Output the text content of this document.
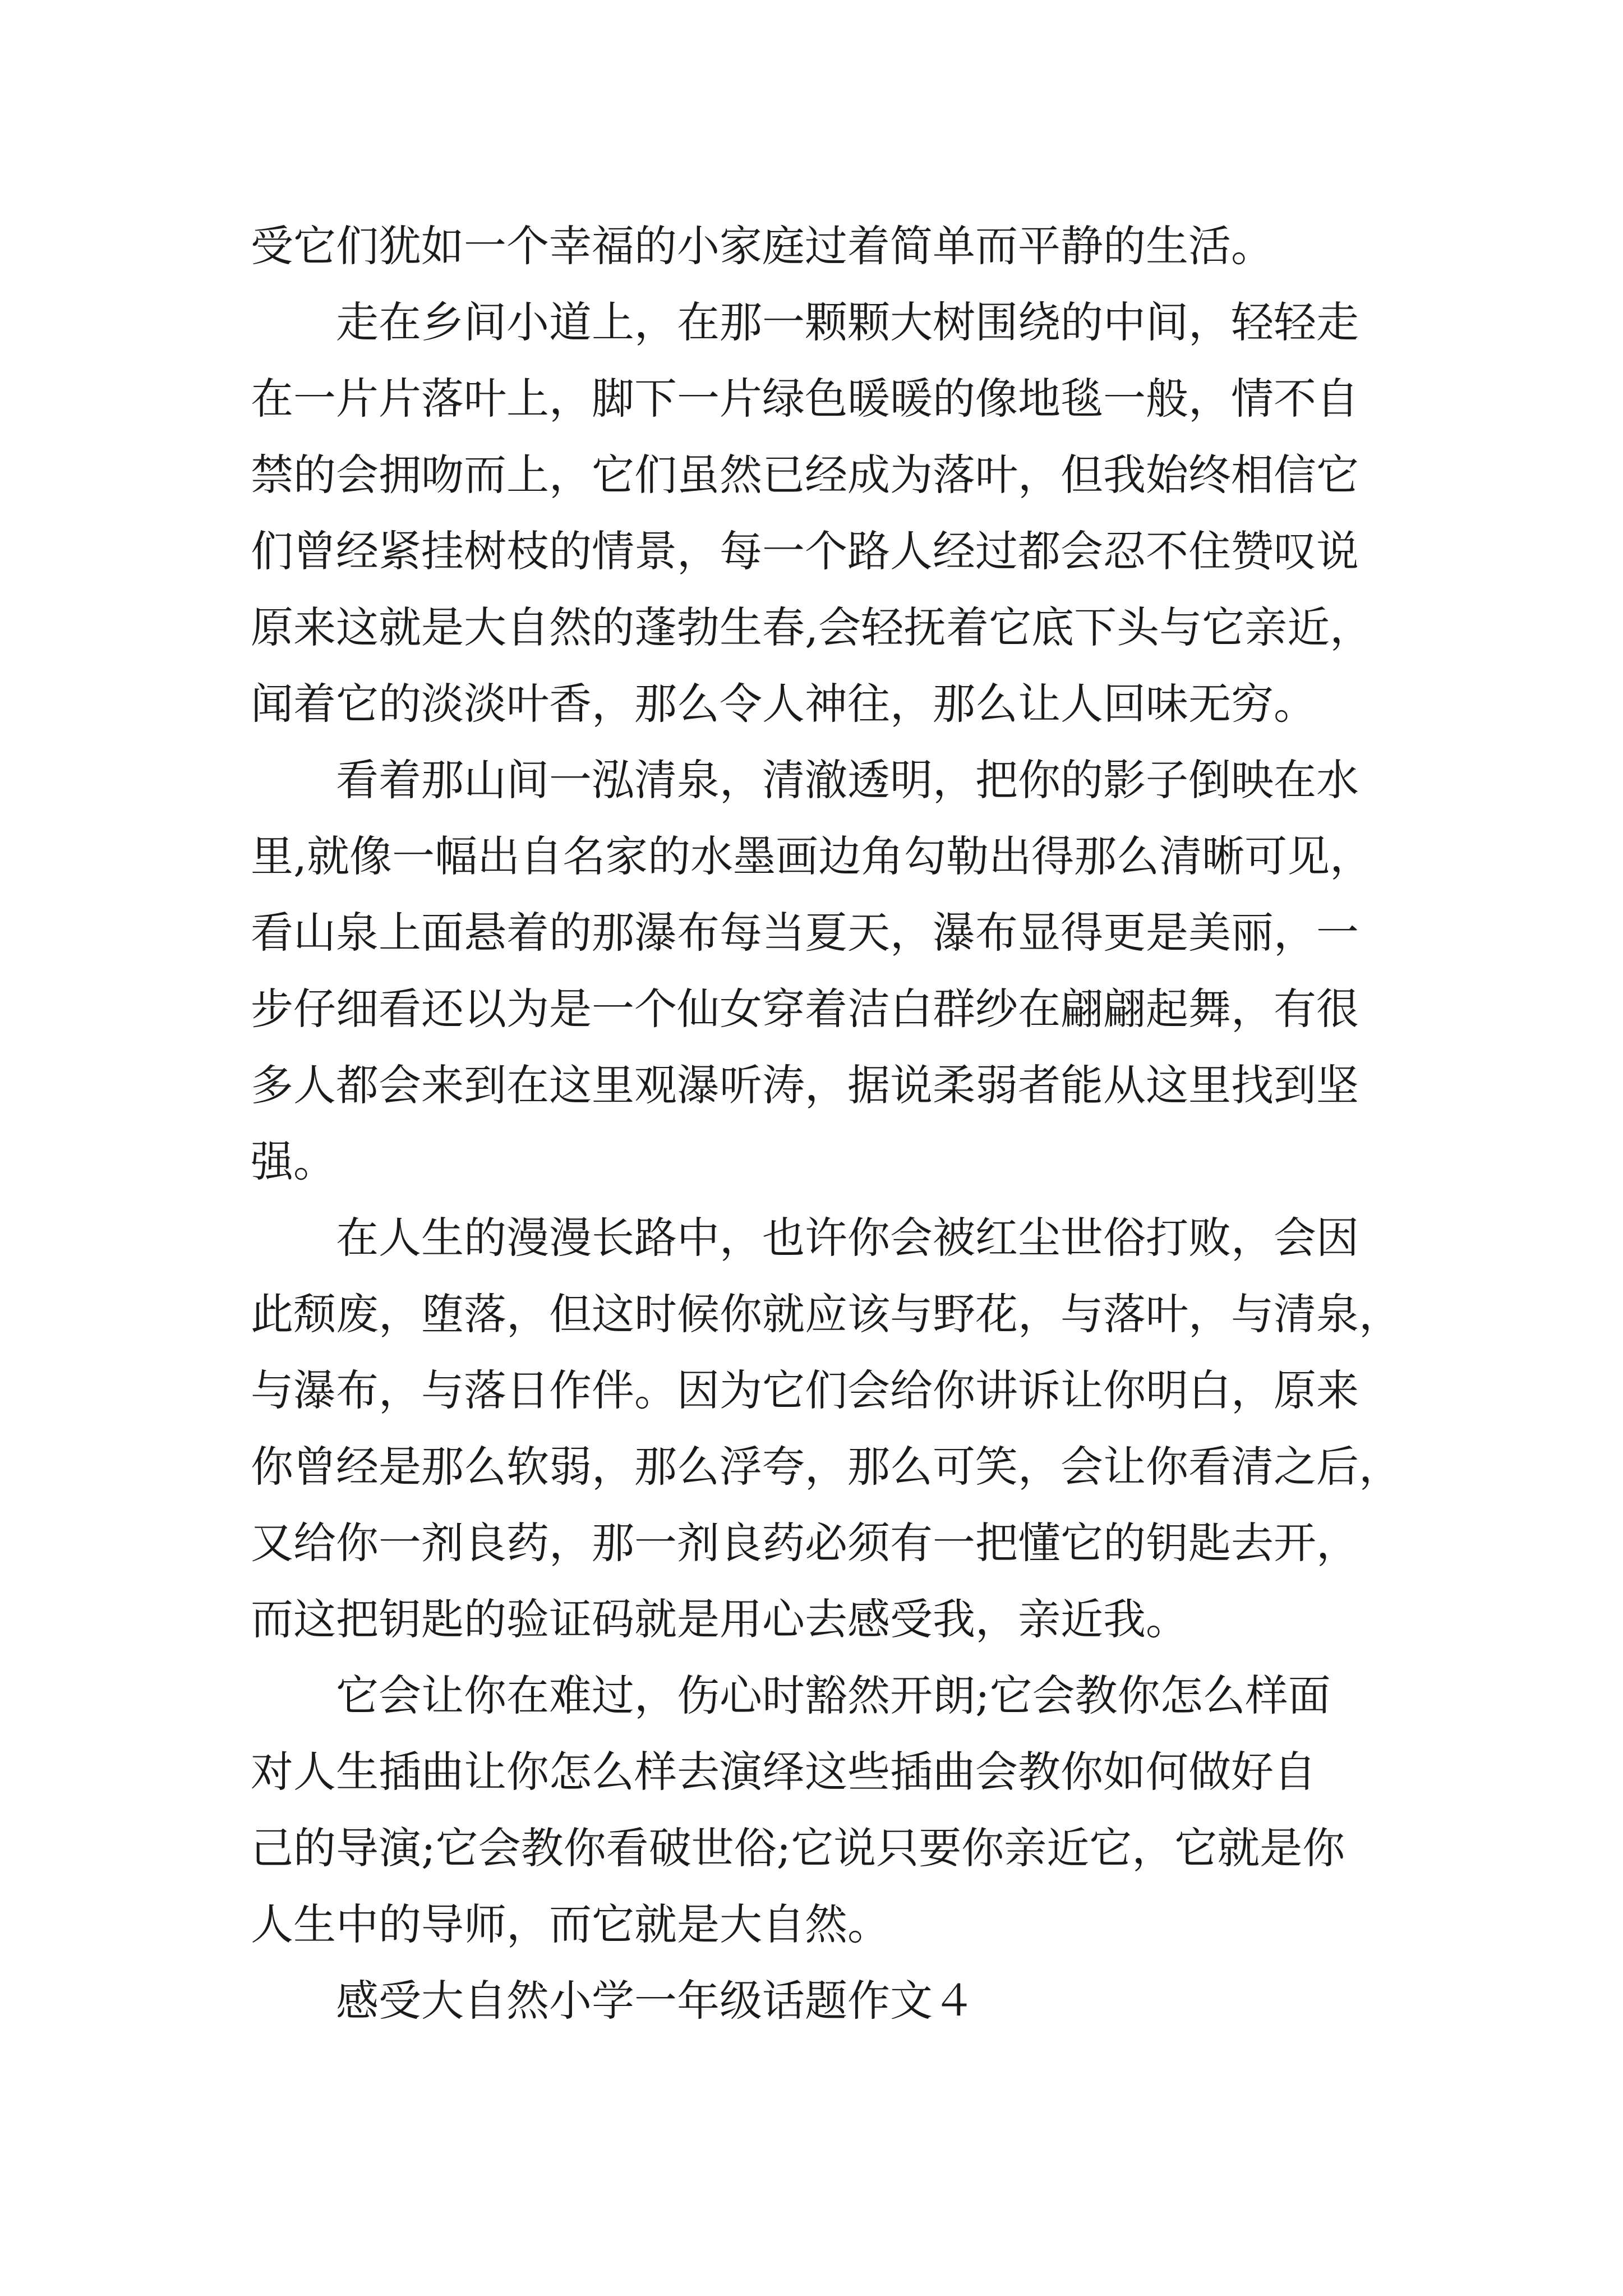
受它们犹如一个幸福的小家庭过着简单而平静的生活。
　　走在乡间小道上，在那一颗颗大树围绕的中间，轻轻走
在一片片落叶上，脚下一片绿色暖暖的像地毯一般，情不自
禁的会拥吻而上，它们虽然已经成为落叶，但我始终相信它
们曾经紧挂树枝的情景，每一个路人经过都会忍不住赞叹说
原来这就是大自然的蓬勃生春,会轻抚着它底下头与它亲近，
闻着它的淡淡叶香，那么令人神往，那么让人回味无穷。
　　看着那山间一泓清泉，清澈透明，把你的影子倒映在水
里,就像一幅出自名家的水墨画边角勾勒出得那么清晰可见，
看山泉上面悬着的那瀑布每当夏天，瀑布显得更是美丽，一
步仔细看还以为是一个仙女穿着洁白群纱在翩翩起舞，有很
多人都会来到在这里观瀑听涛，据说柔弱者能从这里找到坚
强。
　　在人生的漫漫长路中，也许你会被红尘世俗打败，会因
此颓废，堕落，但这时候你就应该与野花，与落叶，与清泉，
与瀑布，与落日作伴。因为它们会给你讲诉让你明白，原来
你曾经是那么软弱，那么浮夸，那么可笑，会让你看清之后，
又给你一剂良药，那一剂良药必须有一把懂它的钥匙去开，
而这把钥匙的验证码就是用心去感受我，亲近我。
　　它会让你在难过，伤心时豁然开朗;它会教你怎么样面
对人生插曲让你怎么样去演绎这些插曲会教你如何做好自
己的导演;它会教你看破世俗;它说只要你亲近它，它就是你
人生中的导师，而它就是大自然。
　　感受大自然小学一年级话题作文４
